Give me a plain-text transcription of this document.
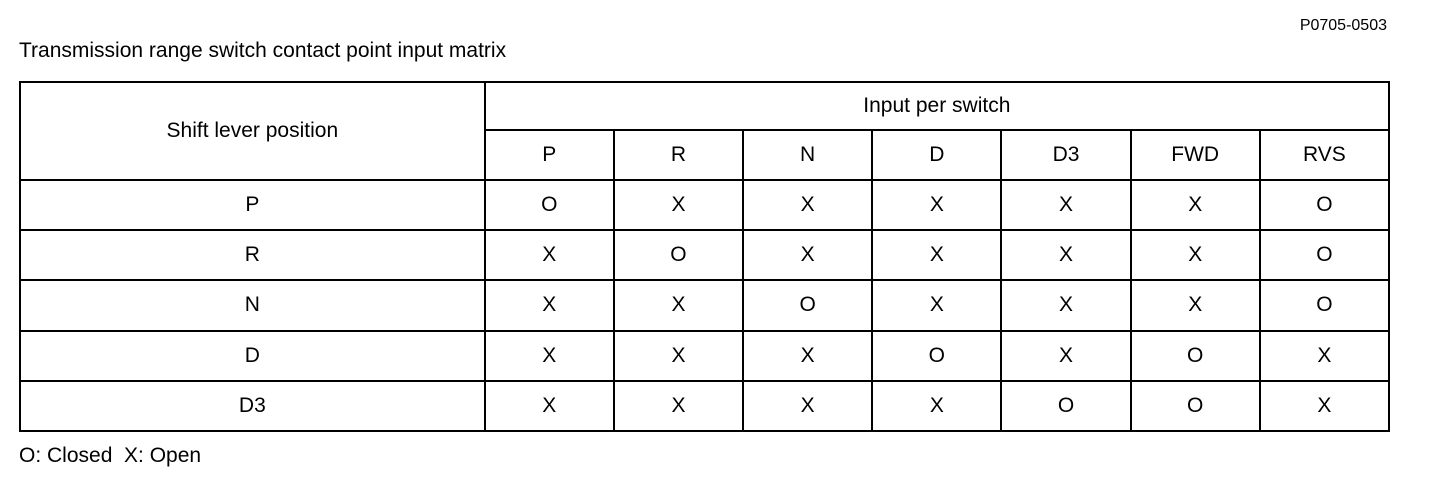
P0705-0503
Transmission range switch contact point input matrix
Shift lever position	Input per switch						
	P	R	N	D	D3	FWD	RVS
P	O	X	X	X	X	X	O
R	X	O	X	X	X	X	O
N	X	X	O	X	X	X	O
D	X	X	X	O	X	O	X
D3	X	X	X	X	O	O	X
O: Closed X: Open
